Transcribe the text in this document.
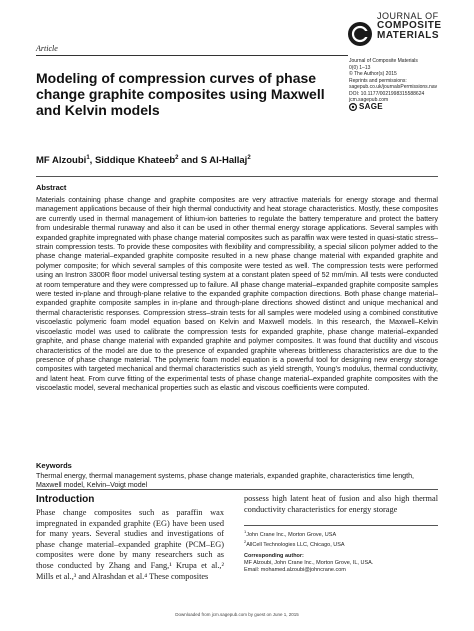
Article
JOURNAL OF
COMPOSITE
MATERIALS
Journal of Composite Materials
0(0) 1–13
© The Author(s) 2015
Reprints and permissions:
sagepub.co.uk/journalsPermissions.nav
DOI: 10.1177/0021998315588624
jcm.sagepub.com
SAGE
Modeling of compression curves of phase change graphite composites using Maxwell and Kelvin models
MF Alzoubi$^1$, Siddique Khateeb$^2$ and S Al-Hallaj$^2$
Abstract

Materials containing phase change and graphite composites are very attractive materials for energy storage and thermal management applications because of their high thermal conductivity and heat storage characteristics. Mostly, these composites are currently used in thermal management of lithium-ion batteries to regulate the battery temperature and protect the battery from undesirable thermal runaway and also it can be used in other thermal energy storage applications. Several samples with expanded graphite impregnated with phase change material composites such as paraffin wax were tested in quasi-static stress–strain compression tests. To provide these composites with flexibility and compressibility, a special silicon polymer added to the phase change material–expanded graphite composite resulted in a new phase change material with expanded graphite and polymer composite; for which several samples of this composite were tested as well. The compression tests were performed using an Instron 3300R floor model universal testing system at a constant platen speed of 52 mm/min. All tests were conducted at room temperature and they were compressed up to failure. All phase change material–expanded graphite composite samples were tested in-plane and through-plane relative to the expanded graphite compaction directions. Both phase change material–expanded graphite composite samples in in-plane and through-plane directions showed distinct and unique mechanical and thermal characteristic responses. Compression stress–strain tests for all samples were modeled using a combined constitutive viscoelastic polymeric foam model equation based on Kelvin and Maxwell models. In this research, the Maxwell–Kelvin viscoelastic model was used to calibrate the compression tests for expanded graphite, phase change material–expanded graphite, and phase change material with expanded graphite and polymer composites. It was found that ductility and viscous characteristics of the model are due to the presence of expanded graphite whereas brittleness characteristics are due to the presence of phase change material. The polymeric foam model equation is a powerful tool for designing new energy storage composites with targeted mechanical and thermal characteristics such as yield strength, Young's modulus, thermal conductivity, and latent heat. From curve fitting of the experimental tests of phase change material–expanded graphite composites with the viscoelastic model, several mechanical properties such as elastic and viscous coefficients were computed.

Keywords

Thermal energy, thermal management systems, phase change materials, expanded graphite, characteristics time length, Maxwell model, Kelvin–Voigt model

Introduction

Phase change composites such as paraffin wax impregnated in expanded graphite (EG) have been used for many years. Several studies and investigations of phase change material–expanded graphite (PCM–EG) composites were done by many researchers such as those conducted by Zhang and Fang,¹ Krupa et al.,² Mills et al.,³ and Alrashdan et al.⁴ These composites

possess high latent heat of fusion and also high thermal conductivity characteristics for energy storage

$^1$John Crane Inc., Morton Grove, USA
$^2$AllCell Technologies LLC, Chicago, USA
Corresponding author:
MF Alzoubi, John Crane Inc., Morton Grove, IL, USA.
Email: mohamed.alzoubi@johncrane.com
Downloaded from jcm.sagepub.com by guest on June 1, 2015
